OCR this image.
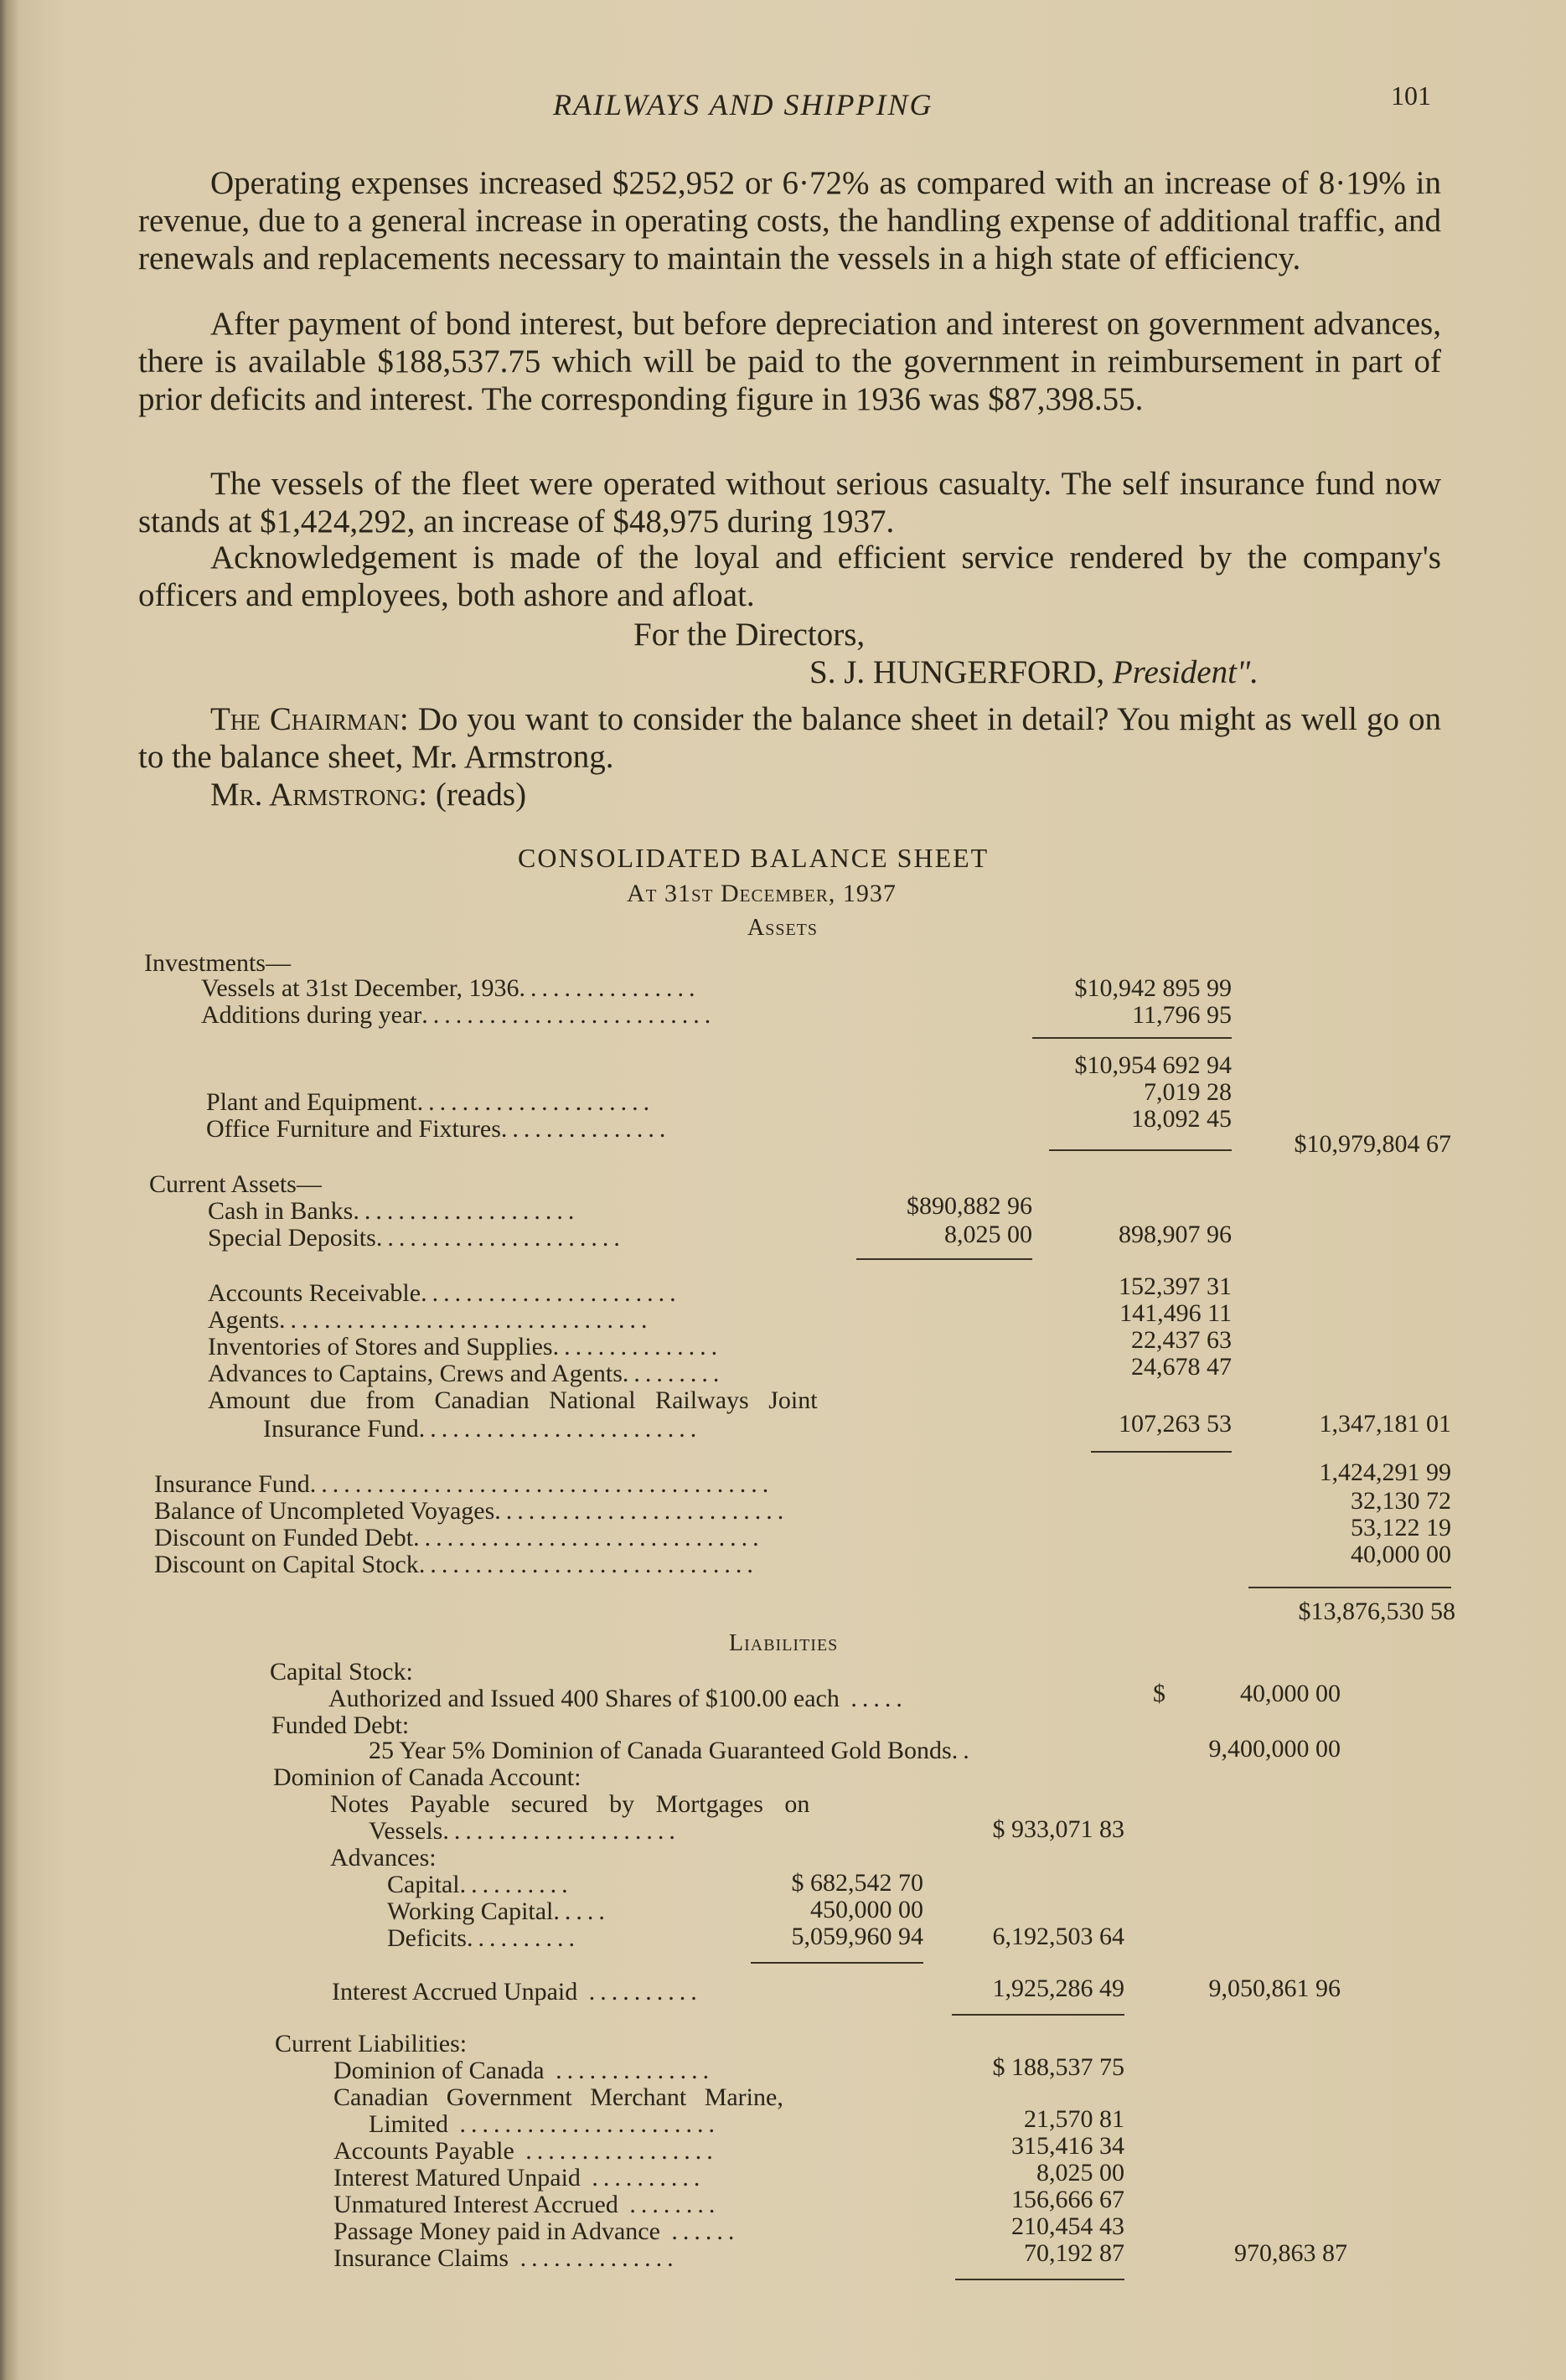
RAILWAYS AND SHIPPING	101
Operating expenses increased $252,952 or 6·72% as compared with an increase of 8·19% in revenue, due to a general increase in operating costs, the handling expense of additional traffic, and renewals and replacements necessary to maintain the vessels in a high state of efficiency.
After payment of bond interest, but before depreciation and interest on government advances, there is available $188,537.75 which will be paid to the government in reimbursement in part of prior deficits and interest. The corresponding figure in 1936 was $87,398.55.
The vessels of the fleet were operated without serious casualty. The self insurance fund now stands at $1,424,292, an increase of $48,975 during 1937.
Acknowledgement is made of the loyal and efficient service rendered by the company's officers and employees, both ashore and afloat.
For the Directors,
S. J. HUNGERFORD, President".
The Chairman: Do you want to consider the balance sheet in detail? You might as well go on to the balance sheet, Mr. Armstrong.
Mr. Armstrong: (reads)
CONSOLIDATED BALANCE SHEET
At 31st December, 1937
Assets
Investments—
Vessels at 31st December, 1936................	$10,942 895 99
Additions during year..........................	11,796 95
$10,954 692 94
Plant and Equipment.....................	7,019 28
Office Furniture and Fixtures...............	18,092 45
$10,979,804 67
Current Assets—
Cash in Banks....................	$890,882 96
Special Deposits......................	8,025 00	898,907 96
Accounts Receivable.......................	152,397 31
Agents.................................	141,496 11
Inventories of Stores and Supplies...............	22,437 63
Advances to Captains, Crews and Agents.........	24,678 47
Amount due from Canadian National Railways Joint
Insurance Fund.........................	107,263 53	1,347,181 01
Insurance Fund.........................................	1,424,291 99
Balance of Uncompleted Voyages..........................	32,130 72
Discount on Funded Debt...............................	53,122 19
Discount on Capital Stock..............................	40,000 00
$13,876,530 58
Liabilities
Capital Stock:
Authorized and Issued 400 Shares of $100.00 each .....	$	40,000 00
Funded Debt:
25 Year 5% Dominion of Canada Guaranteed Gold Bonds..	9,400,000 00
Dominion of Canada Account:
Notes Payable secured by Mortgages on
Vessels.....................	$ 933,071 83
Advances:
Capital..........	$ 682,542 70
Working Capital.....	450,000 00
Deficits..........	5,059,960 94	6,192,503 64
Interest Accrued Unpaid ..........	1,925,286 49	9,050,861 96
Current Liabilities:
Dominion of Canada ..............	$ 188,537 75
Canadian Government Merchant Marine,
Limited .......................	21,570 81
Accounts Payable .................	315,416 34
Interest Matured Unpaid ..........	8,025 00
Unmatured Interest Accrued ........	156,666 67
Passage Money paid in Advance ......	210,454 43
Insurance Claims ..............	70,192 87	970,863 87
